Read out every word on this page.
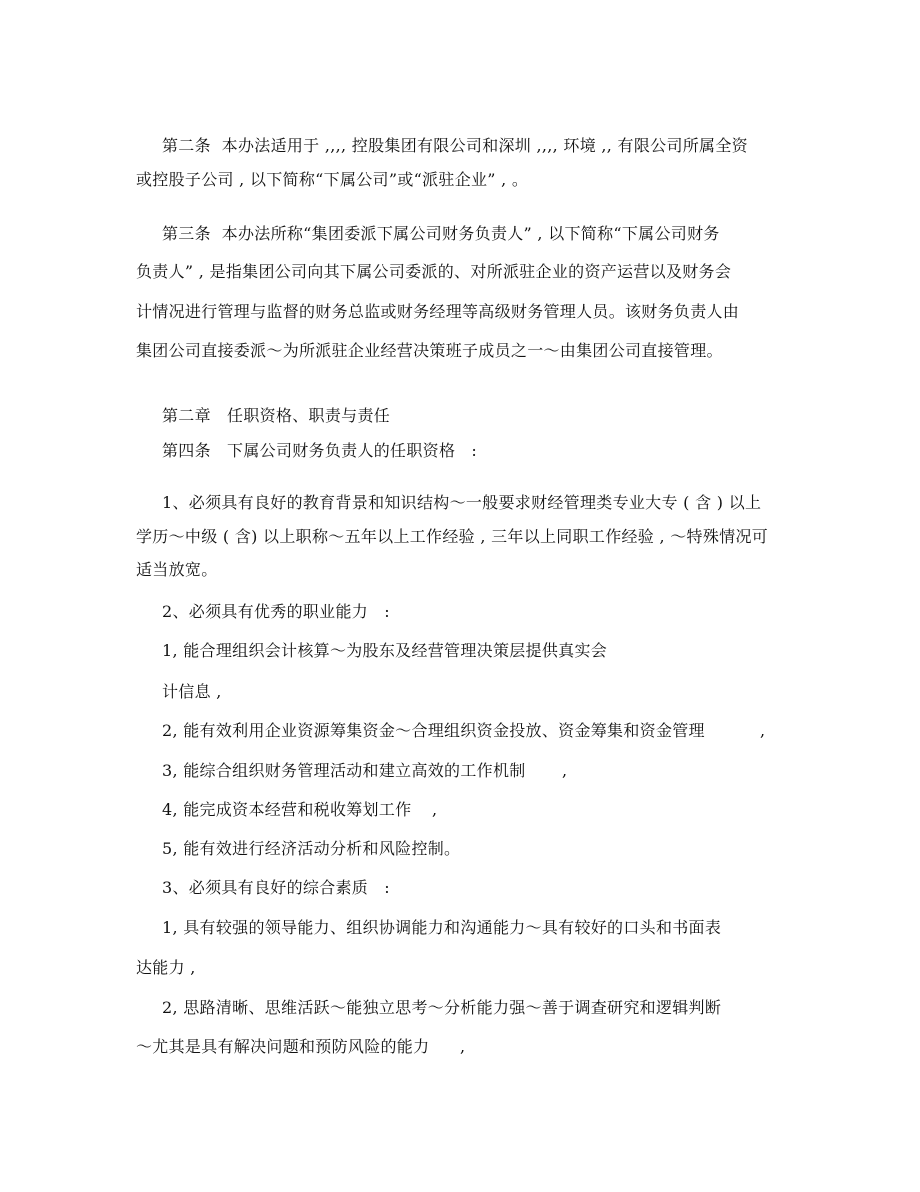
第二条  本办法适用于 ,,,, 控股集团有限公司和深圳 ,,,, 环境 ,, 有限公司所属全资
或控股子公司 , 以下简称“下属公司”或“派驻企业” , 。
第三条  本办法所称“集团委派下属公司财务负责人” , 以下简称“下属公司财务
负责人” , 是指集团公司向其下属公司委派的、对所派驻企业的资产运营以及财务会
计情况进行管理与监督的财务总监或财务经理等高级财务管理人员。该财务负责人由
集团公司直接委派～为所派驻企业经营决策班子成员之一～由集团公司直接管理。
第二章   任职资格、职责与责任
第四条   下属公司财务负责人的任职资格   :
1、必须具有良好的教育背景和知识结构～一般要求财经管理类专业大专 ( 含 ) 以上
学历～中级 ( 含) 以上职称～五年以上工作经验 , 三年以上同职工作经验 , ～特殊情况可
适当放宽。
2、必须具有优秀的职业能力   :
1, 能合理组织会计核算～为股东及经营管理决策层提供真实会
计信息 ,
2, 能有效利用企业资源筹集资金～合理组织资金投放、资金筹集和资金管理	,
3, 能综合组织财务管理活动和建立高效的工作机制 ,
4, 能完成资本经营和税收筹划工作 ,
5, 能有效进行经济活动分析和风险控制。
3、必须具有良好的综合素质   :
1, 具有较强的领导能力、组织协调能力和沟通能力～具有较好的口头和书面表
达能力 ,
2, 思路清晰、思维活跃～能独立思考～分析能力强～善于调查研究和逻辑判断
～尤其是具有解决问题和预防风险的能力 ,
